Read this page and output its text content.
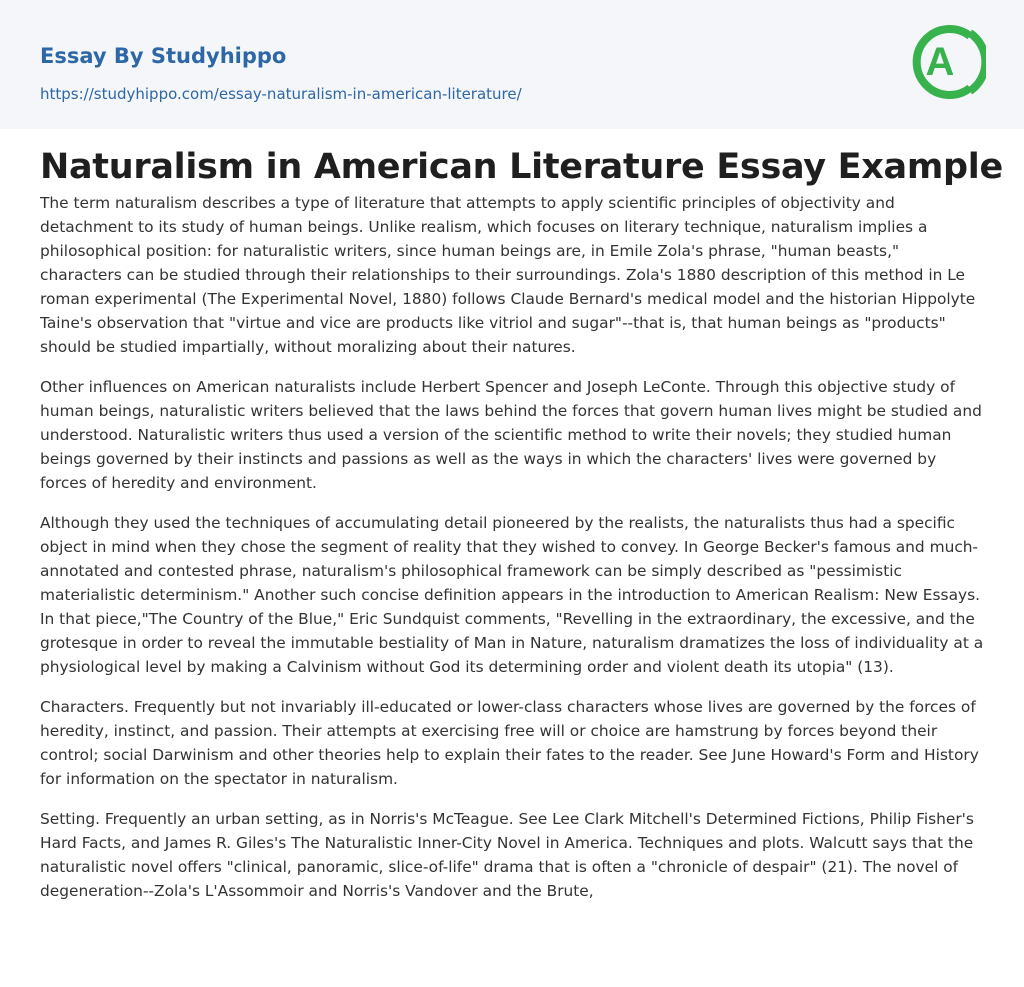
Essay By Studyhippo
https://studyhippo.com/essay-naturalism-in-american-literature/
A
Naturalism in American Literature Essay Example

The term naturalism describes a type of literature that attempts to apply scientific principles of objectivity and detachment to its study of human beings. Unlike realism, which focuses on literary technique, naturalism implies a philosophical position: for naturalistic writers, since human beings are, in Emile Zola's phrase, "human beasts," characters can be studied through their relationships to their surroundings. Zola's 1880 description of this method in Le roman experimental (The Experimental Novel, 1880) follows Claude Bernard's medical model and the historian Hippolyte Taine's observation that "virtue and vice are products like vitriol and sugar"--that is, that human beings as "products" should be studied impartially, without moralizing about their natures.

Other influences on American naturalists include Herbert Spencer and Joseph LeConte. Through this objective study of human beings, naturalistic writers believed that the laws behind the forces that govern human lives might be studied and understood. Naturalistic writers thus used a version of the scientific method to write their novels; they studied human beings governed by their instincts and passions as well as the ways in which the characters' lives were governed by forces of heredity and environment.

Although they used the techniques of accumulating detail pioneered by the realists, the naturalists thus had a specific object in mind when they chose the segment of reality that they wished to convey. In George Becker's famous and much-annotated and contested phrase, naturalism's philosophical framework can be simply described as "pessimistic materialistic determinism." Another such concise definition appears in the introduction to American Realism: New Essays. In that piece,"The Country of the Blue," Eric Sundquist comments, "Revelling in the extraordinary, the excessive, and the grotesque in order to reveal the immutable bestiality of Man in Nature, naturalism dramatizes the loss of individuality at a physiological level by making a Calvinism without God its determining order and violent death its utopia" (13).

Characters. Frequently but not invariably ill-educated or lower-class characters whose lives are governed by the forces of heredity, instinct, and passion. Their attempts at exercising free will or choice are hamstrung by forces beyond their control; social Darwinism and other theories help to explain their fates to the reader. See June Howard's Form and History for information on the spectator in naturalism.

Setting. Frequently an urban setting, as in Norris's McTeague. See Lee Clark Mitchell's Determined Fictions, Philip Fisher's Hard Facts, and James R. Giles's The Naturalistic Inner-City Novel in America. Techniques and plots. Walcutt says that the naturalistic novel offers "clinical, panoramic, slice-of-life" drama that is often a "chronicle of despair" (21). The novel of degeneration--Zola's L'Assommoir and Norris's Vandover and the Brute,
